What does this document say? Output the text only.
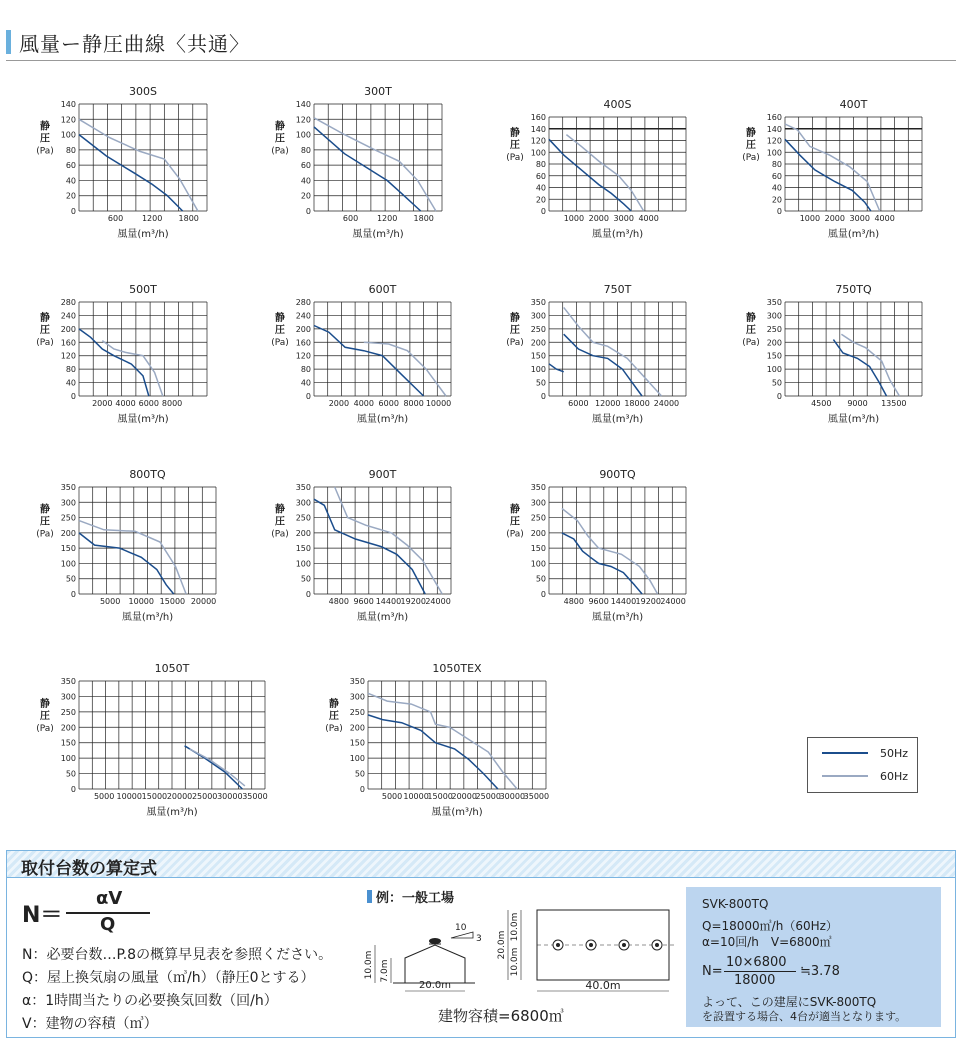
風量ー静圧曲線〈共通〉
300S
0
20
40
60
80
100
120
140
600 1200 1800
静
圧
(Pa)
風量(m³/h)
300T
0
20
40
60
80
100
120
140
600 1200 1800
静
圧
(Pa)
風量(m³/h)
400S
0
20
40
60
80
100
120
140
160
1000 2000 3000 4000
静
圧
(Pa)
風量(m³/h)
400T
0
20
40
60
80
100
120
140
160
1000 2000 3000 4000
静
圧
(Pa)
風量(m³/h)
500T
0
40
80
120
160
200
240
280
2000 4000 6000 8000
静
圧
(Pa)
風量(m³/h)
600T
0
40
80
120
160
200
240
280
2000 4000 6000 8000 10000
静
圧
(Pa)
風量(m³/h)
750T
0
50
100
150
200
250
300
350
6000 12000 18000 24000
静
圧
(Pa)
風量(m³/h)
750TQ
0
50
100
150
200
250
300
350
4500 9000 13500
静
圧
(Pa)
風量(m³/h)
800TQ
0
50
100
150
200
250
300
350
5000 10000 15000 20000
静
圧
(Pa)
風量(m³/h)
900T
0
50
100
150
200
250
300
350
4800 9600 14400 19200 24000
静
圧
(Pa)
風量(m³/h)
900TQ
0
50
100
150
200
250
300
350
4800 9600 14400 19200 24000
静
圧
(Pa)
風量(m³/h)
1050T
0
50
100
150
200
250
300
350
5000 10000 15000 20000 25000 30000 35000
静
圧
(Pa)
風量(m³/h)
1050TEX
0
50
100
150
200
250
300
350
5000 10000
15000
20000
25000
30000
35000
静
圧
(Pa)
風量(m³/h)
50Hz
60Hz
取付台数の算定式
N＝
αV
Q
N：必要台数…P.8の概算早見表を参照ください。
Q：屋上換気扇の風量（㎥/h）（静圧0とする）
α：1時間当たりの必要換気回数（回/h）
V：建物の容積（㎥）
例：一般工場
10
3
10.0m 7.0m
20.0m
20.0m
10.0m
10.0m
40.0m
建物容積=6800㎥
SVK-800TQ
Q=18000㎥/h（60Hz）
α=10回/h　V=6800㎥
N=
10×6800
18000
≒3.78
よって、この建屋にSVK-800TQ
を設置する場合、4台が適当となります。
